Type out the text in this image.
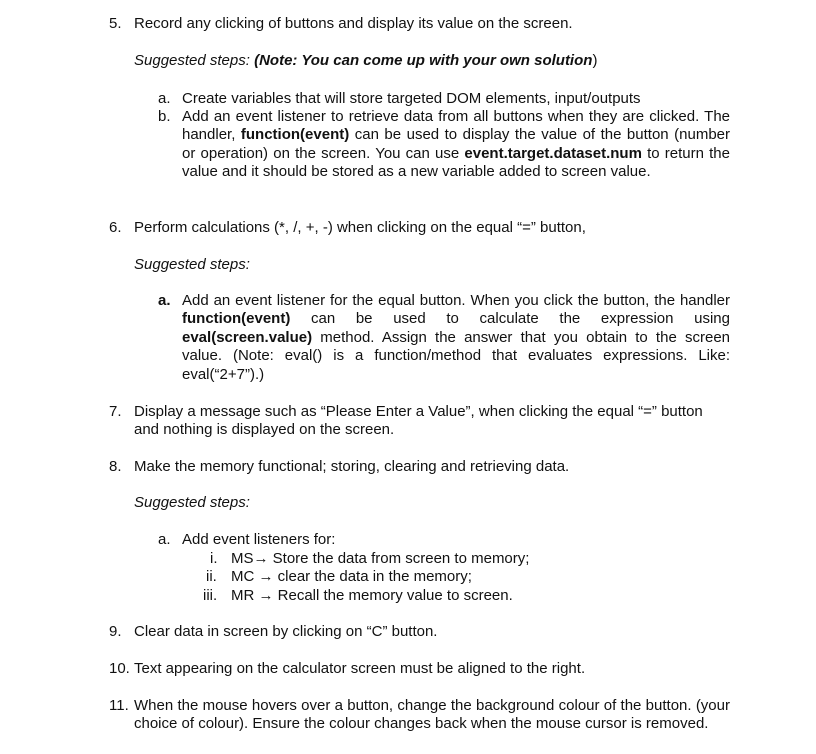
5. Record any clicking of buttons and display its value on the screen.
Suggested steps: (Note: You can come up with your own solution)
a. Create variables that will store targeted DOM elements, input/outputs
b. Add an event listener to retrieve data from all buttons when they are clicked. The handler, function(event) can be used to display the value of the button (number or operation) on the screen. You can use event.target.dataset.num to return the value and it should be stored as a new variable added to screen value.
6. Perform calculations (*, /, +, -) when clicking on the equal “=” button,
Suggested steps:
a. Add an event listener for the equal button. When you click the button, the handler function(event) can be used to calculate the expression using eval(screen.value) method. Assign the answer that you obtain to the screen value. (Note: eval() is a function/method that evaluates expressions. Like: eval(“2+7”).)
7. Display a message such as “Please Enter a Value”, when clicking the equal “=” button
and nothing is displayed on the screen.
8. Make the memory functional; storing, clearing and retrieving data.
Suggested steps:
a. Add event listeners for:
i. MS→ Store the data from screen to memory;
ii. MC → clear the data in the memory;
iii. MR → Recall the memory value to screen.
9. Clear data in screen by clicking on “C” button.
10. Text appearing on the calculator screen must be aligned to the right.
11. When the mouse hovers over a button, change the background colour of the button. (your choice of colour). Ensure the colour changes back when the mouse cursor is removed.
